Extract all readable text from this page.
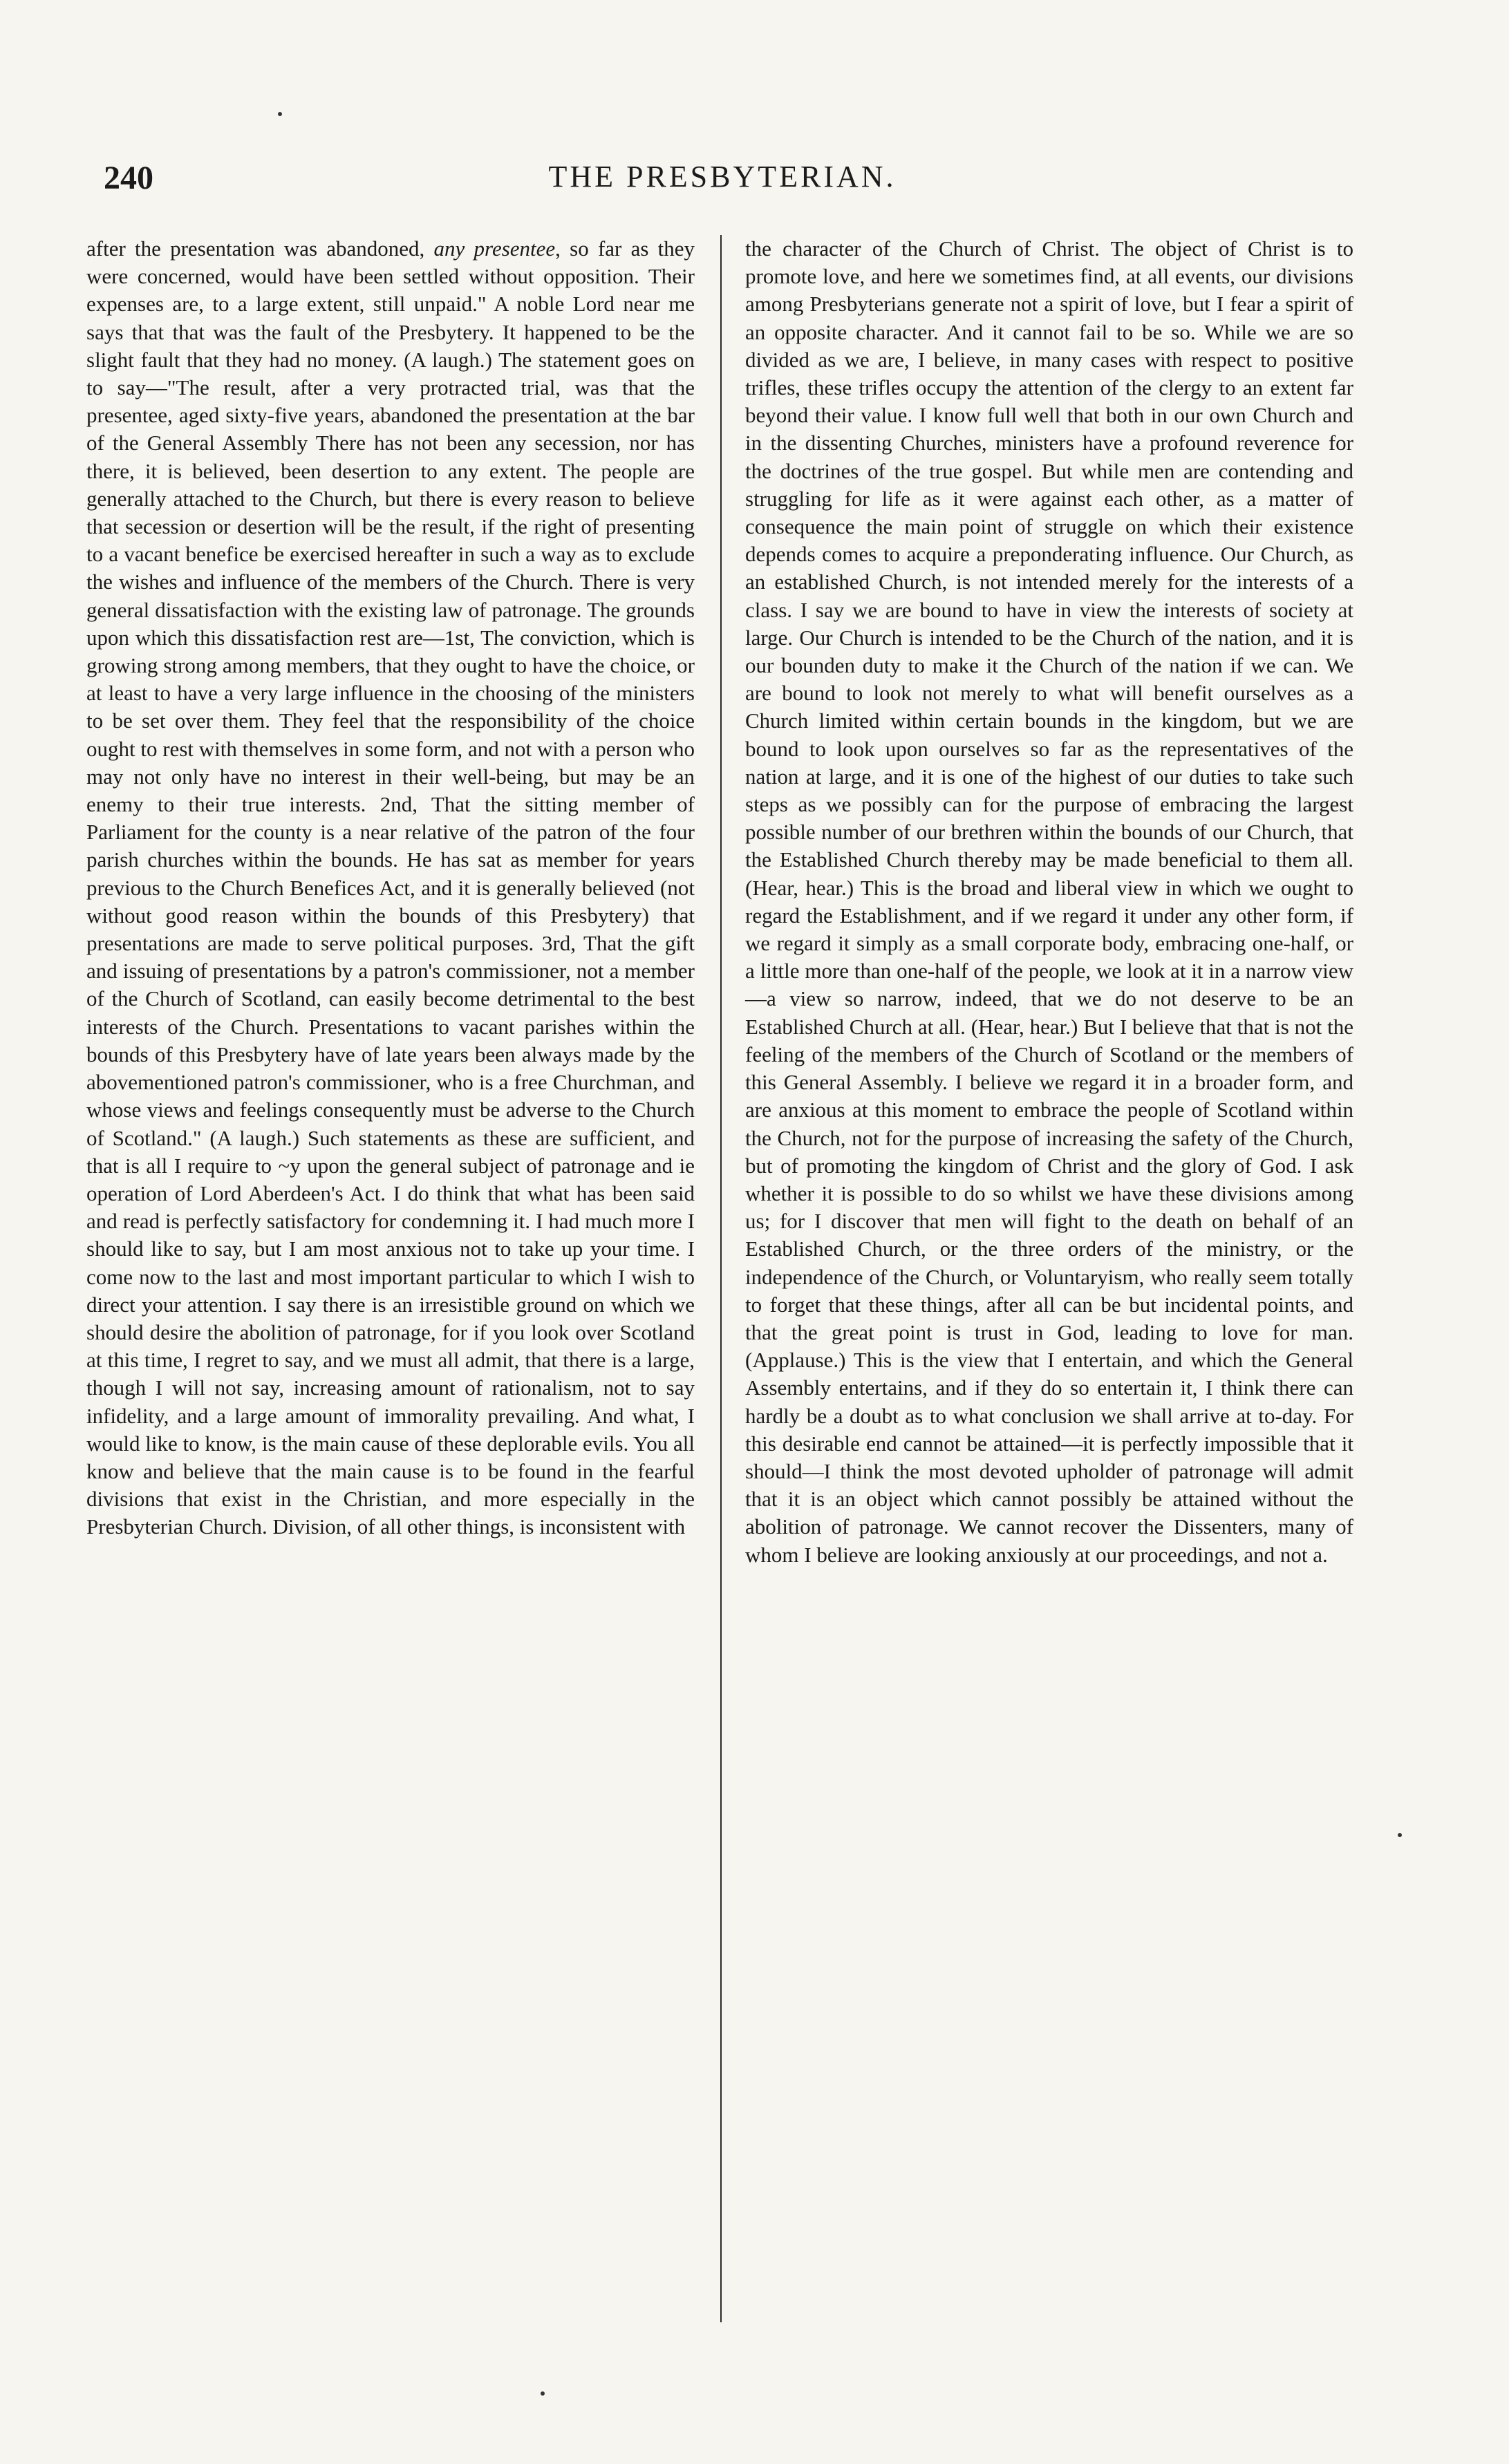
240	THE PRESBYTERIAN.

after the presentation was abandoned, any presentee, so far as they were concerned, would have been settled without opposition. Their expenses are, to a large extent, still unpaid." A noble Lord near me says that that was the fault of the Presbytery. It happened to be the slight fault that they had no money. (A laugh.) The statement goes on to say—"The result, after a very protracted trial, was that the presentee, aged sixty-five years, abandoned the presentation at the bar of the General Assembly There has not been any secession, nor has there, it is believed, been desertion to any extent. The people are generally attached to the Church, but there is every reason to believe that secession or desertion will be the result, if the right of presenting to a vacant benefice be exercised hereafter in such a way as to exclude the wishes and influence of the members of the Church. There is very general dissatisfaction with the existing law of patronage. The grounds upon which this dissatisfaction rest are—1st, The conviction, which is growing strong among members, that they ought to have the choice, or at least to have a very large influence in the choosing of the ministers to be set over them. They feel that the responsibility of the choice ought to rest with themselves in some form, and not with a person who may not only have no interest in their well-being, but may be an enemy to their true interests. 2nd, That the sitting member of Parliament for the county is a near relative of the patron of the four parish churches within the bounds. He has sat as member for years previous to the Church Benefices Act, and it is generally believed (not without good reason within the bounds of this Presbytery) that presentations are made to serve political purposes. 3rd, That the gift and issuing of presentations by a patron's commissioner, not a member of the Church of Scotland, can easily become detrimental to the best interests of the Church. Presentations to vacant parishes within the bounds of this Presbytery have of late years been always made by the abovementioned patron's commissioner, who is a free Churchman, and whose views and feelings consequently must be adverse to the Church of Scotland." (A laugh.) Such statements as these are sufficient, and that is all I require to ~y upon the general subject of patronage and ie operation of Lord Aberdeen's Act. I do think that what has been said and read is perfectly satisfactory for condemning it. I had much more I should like to say, but I am most anxious not to take up your time. I come now to the last and most important particular to which I wish to direct your attention. I say there is an irresistible ground on which we should desire the abolition of patronage, for if you look over Scotland at this time, I regret to say, and we must all admit, that there is a large, though I will not say, increasing amount of rationalism, not to say infidelity, and a large amount of immorality prevailing. And what, I would like to know, is the main cause of these deplorable evils. You all know and believe that the main cause is to be found in the fearful divisions that exist in the Christian, and more especially in the Presbyterian Church. Division, of all other things, is inconsistent with

the character of the Church of Christ. The object of Christ is to promote love, and here we sometimes find, at all events, our divisions among Presbyterians generate not a spirit of love, but I fear a spirit of an opposite character. And it cannot fail to be so. While we are so divided as we are, I believe, in many cases with respect to positive trifles, these trifles occupy the attention of the clergy to an extent far beyond their value. I know full well that both in our own Church and in the dissenting Churches, ministers have a profound reverence for the doctrines of the true gospel. But while men are contending and struggling for life as it were against each other, as a matter of consequence the main point of struggle on which their existence depends comes to acquire a preponderating influence. Our Church, as an established Church, is not intended merely for the interests of a class. I say we are bound to have in view the interests of society at large. Our Church is intended to be the Church of the nation, and it is our bounden duty to make it the Church of the nation if we can. We are bound to look not merely to what will benefit ourselves as a Church limited within certain bounds in the kingdom, but we are bound to look upon ourselves so far as the representatives of the nation at large, and it is one of the highest of our duties to take such steps as we possibly can for the purpose of embracing the largest possible number of our brethren within the bounds of our Church, that the Established Church thereby may be made beneficial to them all. (Hear, hear.) This is the broad and liberal view in which we ought to regard the Establishment, and if we regard it under any other form, if we regard it simply as a small corporate body, embracing one-half, or a little more than one-half of the people, we look at it in a narrow view—a view so narrow, indeed, that we do not deserve to be an Established Church at all. (Hear, hear.) But I believe that that is not the feeling of the members of the Church of Scotland or the members of this General Assembly. I believe we regard it in a broader form, and are anxious at this moment to embrace the people of Scotland within the Church, not for the purpose of increasing the safety of the Church, but of promoting the kingdom of Christ and the glory of God. I ask whether it is possible to do so whilst we have these divisions among us; for I discover that men will fight to the death on behalf of an Established Church, or the three orders of the ministry, or the independence of the Church, or Voluntaryism, who really seem totally to forget that these things, after all can be but incidental points, and that the great point is trust in God, leading to love for man. (Applause.) This is the view that I entertain, and which the General Assembly entertains, and if they do so entertain it, I think there can hardly be a doubt as to what conclusion we shall arrive at to-day. For this desirable end cannot be attained—it is perfectly impossible that it should—I think the most devoted upholder of patronage will admit that it is an object which cannot possibly be attained without the abolition of patronage. We cannot recover the Dissenters, many of whom I believe are looking anxiously at our proceedings, and not a.
